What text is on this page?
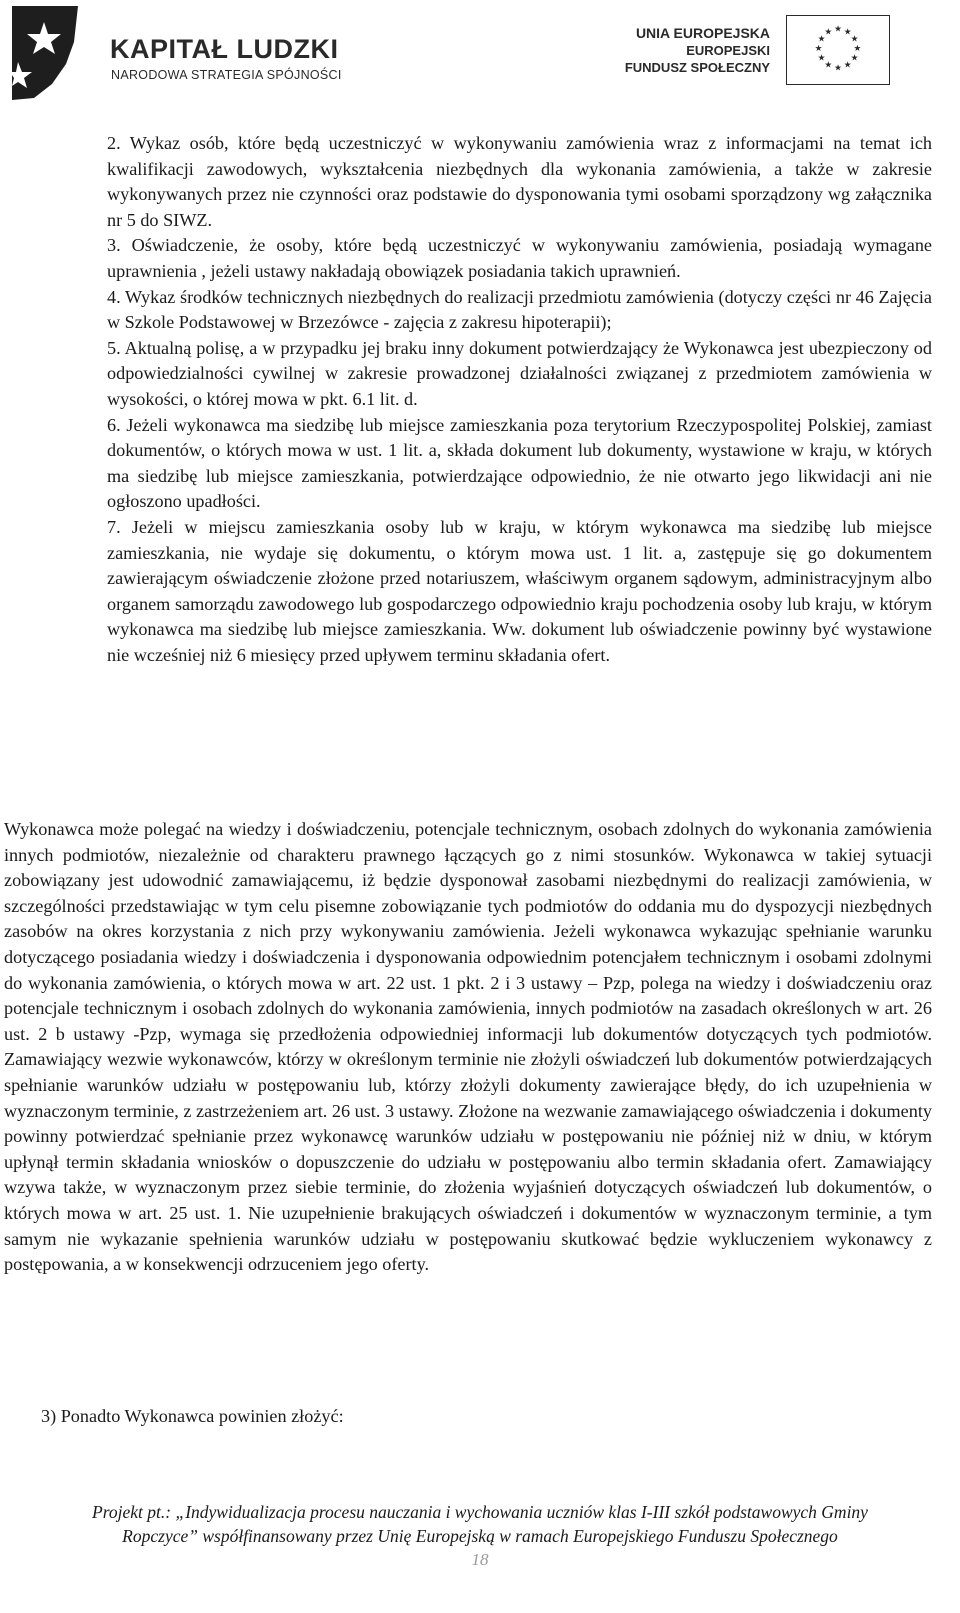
KAPITAŁ LUDZKI
NARODOWA STRATEGIA SPÓJNOŚCI
UNIA EUROPEJSKA
EUROPEJSKI
FUNDUSZ SPOŁECZNY
★ ★
★
★
★
★
★
★
★
★
★
★

2. Wykaz osób, które będą uczestniczyć w wykonywaniu zamówienia wraz z informacjami na temat ich kwalifikacji zawodowych, wykształcenia niezbędnych dla wykonania zamówienia, a także w zakresie wykonywanych przez nie czynności oraz podstawie do dysponowania tymi osobami sporządzony wg załącznika nr 5 do SIWZ.

3. Oświadczenie, że osoby, które będą uczestniczyć w wykonywaniu zamówienia, posiadają wymagane uprawnienia , jeżeli ustawy nakładają obowiązek posiadania takich uprawnień.

4. Wykaz środków technicznych niezbędnych do realizacji przedmiotu zamówienia (dotyczy części nr 46 Zajęcia w Szkole Podstawowej w Brzezówce - zajęcia z zakresu hipoterapii);

5. Aktualną polisę, a w przypadku jej braku inny dokument potwierdzający że Wykonawca jest ubezpieczony od odpowiedzialności cywilnej w zakresie prowadzonej działalności związanej z przedmiotem zamówienia w wysokości, o której mowa w pkt. 6.1 lit. d.

6. Jeżeli wykonawca ma siedzibę lub miejsce zamieszkania poza terytorium Rzeczypospolitej Polskiej, zamiast dokumentów, o których mowa w ust. 1 lit. a, składa dokument lub dokumenty, wystawione w kraju, w których ma siedzibę lub miejsce zamieszkania, potwierdzające odpowiednio, że nie otwarto jego likwidacji ani nie ogłoszono upadłości.

7. Jeżeli w miejscu zamieszkania osoby lub w kraju, w którym wykonawca ma siedzibę lub miejsce zamieszkania, nie wydaje się dokumentu, o którym mowa ust. 1 lit. a, zastępuje się go dokumentem zawierającym oświadczenie złożone przed notariuszem, właściwym organem sądowym, administracyjnym albo organem samorządu zawodowego lub gospodarczego odpowiednio kraju pochodzenia osoby lub kraju, w którym wykonawca ma siedzibę lub miejsce zamieszkania. Ww. dokument lub oświadczenie powinny być wystawione nie wcześniej niż 6 miesięcy przed upływem terminu składania ofert.

Wykonawca może polegać na wiedzy i doświadczeniu, potencjale technicznym, osobach zdolnych do wykonania zamówienia innych podmiotów, niezależnie od charakteru prawnego łączących go z nimi stosunków. Wykonawca w takiej sytuacji zobowiązany jest udowodnić zamawiającemu, iż będzie dysponował zasobami niezbędnymi do realizacji zamówienia, w szczególności przedstawiając w tym celu pisemne zobowiązanie tych podmiotów do oddania mu do dyspozycji niezbędnych zasobów na okres korzystania z nich przy wykonywaniu zamówienia. Jeżeli wykonawca wykazując spełnianie warunku dotyczącego posiadania wiedzy i doświadczenia i dysponowania odpowiednim potencjałem technicznym i osobami zdolnymi do wykonania zamówienia, o których mowa w art. 22 ust. 1 pkt. 2 i 3 ustawy – Pzp, polega na wiedzy i doświadczeniu oraz potencjale technicznym i osobach zdolnych do wykonania zamówienia, innych podmiotów na zasadach określonych w art. 26 ust. 2 b ustawy -Pzp, wymaga się przedłożenia odpowiedniej informacji lub dokumentów dotyczących tych podmiotów. Zamawiający wezwie wykonawców, którzy w określonym terminie nie złożyli oświadczeń lub dokumentów potwierdzających spełnianie warunków udziału w postępowaniu lub, którzy złożyli dokumenty zawierające błędy, do ich uzupełnienia w wyznaczonym terminie, z zastrzeżeniem art. 26 ust. 3 ustawy. Złożone na wezwanie zamawiającego oświadczenia i dokumenty powinny potwierdzać spełnianie przez wykonawcę warunków udziału w postępowaniu nie później niż w dniu, w którym upłynął termin składania wniosków o dopuszczenie do udziału w postępowaniu albo termin składania ofert. Zamawiający wzywa także, w wyznaczonym przez siebie terminie, do złożenia wyjaśnień dotyczących oświadczeń lub dokumentów, o których mowa w art. 25 ust. 1. Nie uzupełnienie brakujących oświadczeń i dokumentów w wyznaczonym terminie, a tym samym nie wykazanie spełnienia warunków udziału w postępowaniu skutkować będzie wykluczeniem wykonawcy z postępowania, a w konsekwencji odrzuceniem jego oferty.

3) Ponadto Wykonawca powinien złożyć:
Projekt pt.: „Indywidualizacja procesu nauczania i wychowania uczniów klas I-III szkół podstawowych Gminy
Ropczyce” współfinansowany przez Unię Europejską w ramach Europejskiego Funduszu Społecznego
18
